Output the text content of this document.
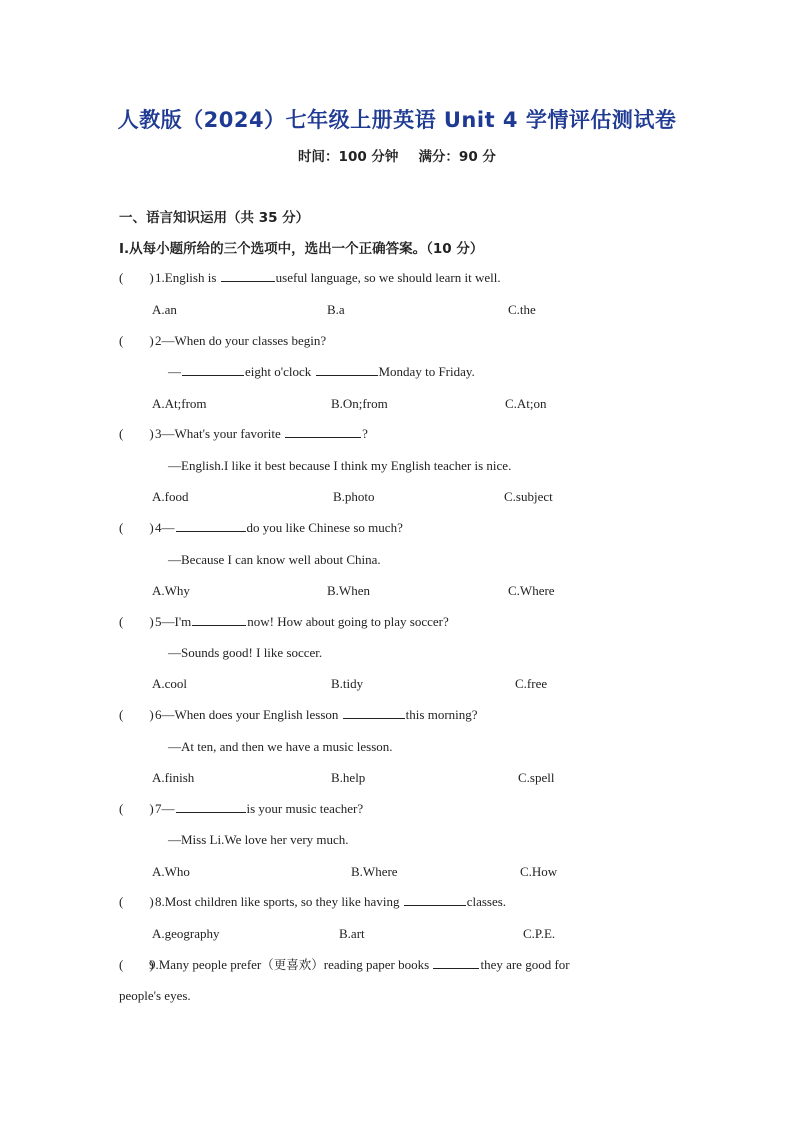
人教版（2024）七年级上册英语 Unit 4 学情评估测试卷
时间：100 分钟 满分：90 分
一、语言知识运用（共 35 分）
I.从每小题所给的三个选项中，选出一个正确答案。（10 分）
(　　)1.English is	useful language, so we should learn it well.
A.an	B.a	C.the
(　　)2—When do your classes begin?
—	eight o'clock	Monday to Friday.
A.At;from	B.On;from	C.At;on
(　　)3—What's your favorite	?
—English.I like it best because I think my English teacher is nice.
A.food	B.photo	C.subject
(　　)4—	do you like Chinese so much?
—Because I can know well about China.
A.Why	B.When	C.Where
(　　)5—I'm	now! How about going to play soccer?
—Sounds good! I like soccer.
A.cool	B.tidy	C.free
(　　)6—When does your English lesson	this morning?
—At ten, and then we have a music lesson.
A.finish	B.help	C.spell
(　　)7—	is your music teacher?
—Miss Li.We love her very much.
A.Who	B.Where	C.How
(　　)8.Most children like sports, so they like having	classes.
A.geography	B.art	C.P.E.
(　　)9.Many people prefer（更喜欢）reading paper books	they are good for
people's eyes.
